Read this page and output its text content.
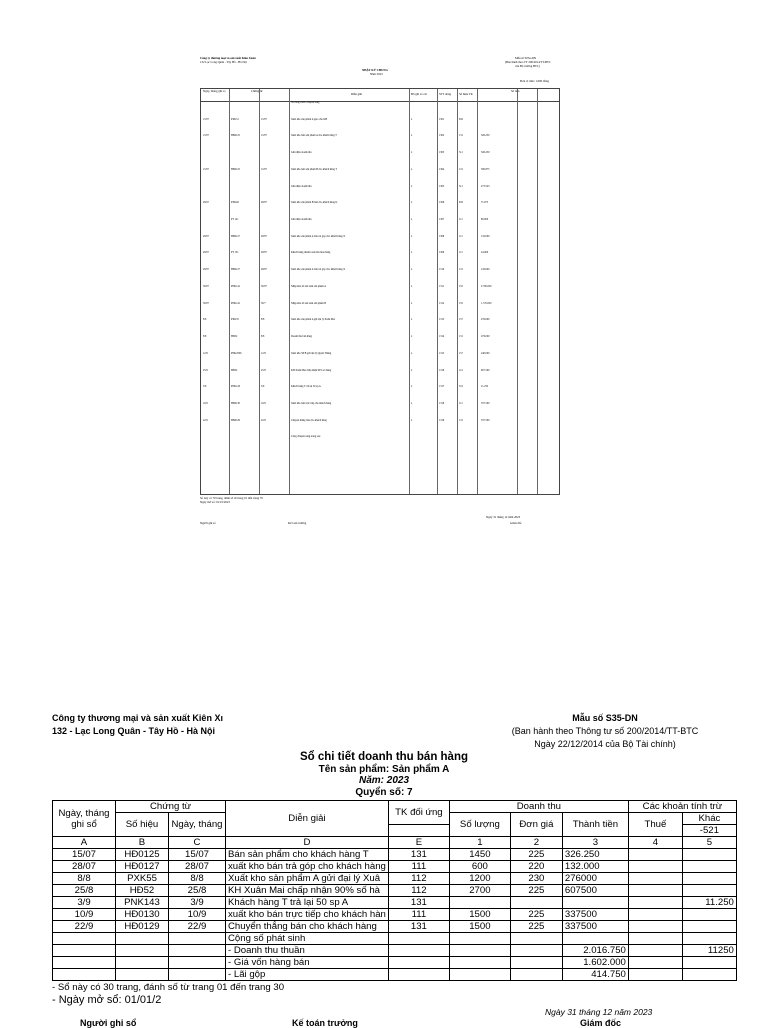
Công ty thương mại và sản xuất Kiên Xuân
132 Lạc Long Quân - Tây Hồ - Hà Nội
Mẫu số S03a-DN
(Ban hành theo TT 200/2014/TT-BTC
của Bộ trưởng BTC)
NHẬT KÝ CHUNG
Năm 2023
Đơn vị tính: 1.000 đồng
Ngày, tháng ghi sổ	Chứng từ
Diễn giải	Đã ghi sổ cái	STT dòng	Số hiệu TK
Số tiền
Số trang trước chuyển sang
15/07	PXK51	15/07	Xuất kho sản phẩm A giao cho KH	x	1301	632
15/07	HĐ0125	15/07	Xuất kho bán sản phẩm A cho khách hàng T	x	1302	131	326.250
Ghi nhận doanh thu	x	1303	511	326.250
15/07	HĐ0125	15/07	Xuất kho bán sản phẩm B cho khách hàng T	x	1304	131	300.875
Ghi nhận doanh thu	x	1305	511	273.523
28/07	PXK62	28/07	Xuất kho sản phẩm B bán cho khách hàng K	x	1306	632	71.675
PT 121	Ghi nhận doanh thu	x	1307	111	80.000
28/07	HĐ0127	28/07	Xuất kho sản phẩm A bán trả góp cho khách hàng X	x	1308	111	132.000
28/07	PT 131	28/07	Khách hàng thanh toán tiền mua hàng	x	1309	111	24.000
28/07	HĐ0127	28/07	Xuất kho sản phẩm A bán trả góp cho khách hàng X	x	1310	131	143.000
30/07	PNK141	30/07	Nhập kho từ sản xuất sản phẩm A	x	1311	155	2.700.000
30/07	PNK141	30/7	Nhập kho từ sản xuất sản phẩm B	x	1312	155	1.725.000
8/8	PXK55	8/8	Xuất kho sản phẩm A gửi đại lý Xuân Mai	x	1313	157	276.000
8/8	HĐ52	8/8	Doanh thu bán hàng	x	1314	131	276.000
12/8	PNK2506	12/8	Xuất kho SP B gửi đại lý Quyết Thắng	x	1315	157	240.000
25/8	HĐ52	25/8	KH Xuân Mai chấp nhận 90% số hàng	x	1316	112	607.500
3/9	PNK143	3/9	Khách hàng T trả lại 50 sp A	x	1317	531	11.250
10/9	HĐ0130	10/9	Xuất kho bán trực tiếp cho khách hàng	x	1318	111	337.500
22/9	HĐ0129	22/9	Chuyển thẳng bán cho khách hàng	x	1319	131	337.500
Cộng chuyển sang trang sau
Sổ này có 70 trang, đánh số từ trang 01 đến trang 70
Ngày mở sổ: 01/01/2023
Ngày 31 tháng 12 năm 2023
Người ghi sổ	Kế toán trưởng	Giám đốc
Công ty thương mại và sản xuất Kiên Xı
132 - Lạc Long Quân - Tây Hồ - Hà Nội
Mẫu số S35-DN
(Ban hành theo Thông tư số 200/2014/TT-BTC
Ngày 22/12/2014 của Bộ Tài chính)
Sổ chi tiết doanh thu bán hàng
Tên sản phẩm: Sản phẩm A
Năm: 2023
Quyển số: 7
Ngày, tháng ghi sổ	Chứng từ		Diễn giải	TK đối ứng	Doanh thu			Các khoản tính trừ	
	Số hiệu	Ngày, tháng			Số lượng	Đơn giá	Thành tiền	Thuế	Khác
									-521
A	B	C	D	E	1	2	3	4	5
15/07	HĐ0125	15/07	Bán sản phẩm cho khách hàng T	131	1450	225	326.250		
28/07	HĐ0127	28/07	xuất kho bán trả góp cho khách hàng	111	600	220	132.000		
8/8	PXK55	8/8	Xuất kho sản phẩm A gửi đại lý Xuâ	112	1200	230	276000		
25/8	HĐ52	25/8	KH Xuân Mai chấp nhận 90% số hà	112	2700	225	607500		
3/9	PNK143	3/9	Khách hàng T trả lại 50 sp A	131					11.250
10/9	HĐ0130	10/9	xuất kho bán trực tiếp cho khách hàn	111	1500	225	337500		
22/9	HĐ0129	22/9	Chuyển thẳng bán cho khách hàng	131	1500	225	337500		
			Cộng số phát sinh						
			- Doanh thu thuần				2.016.750		11250
			- Giá vốn hàng bán				1.602.000		
			- Lãi gộp				414.750		
- Sổ này có 30 trang, đánh số từ trang 01 đến trang 30
- Ngày mở sổ: 01/01/2
Ngày 31 tháng 12 năm 2023
Người ghi sổ	Kế toán trưởng	Giám đốc
